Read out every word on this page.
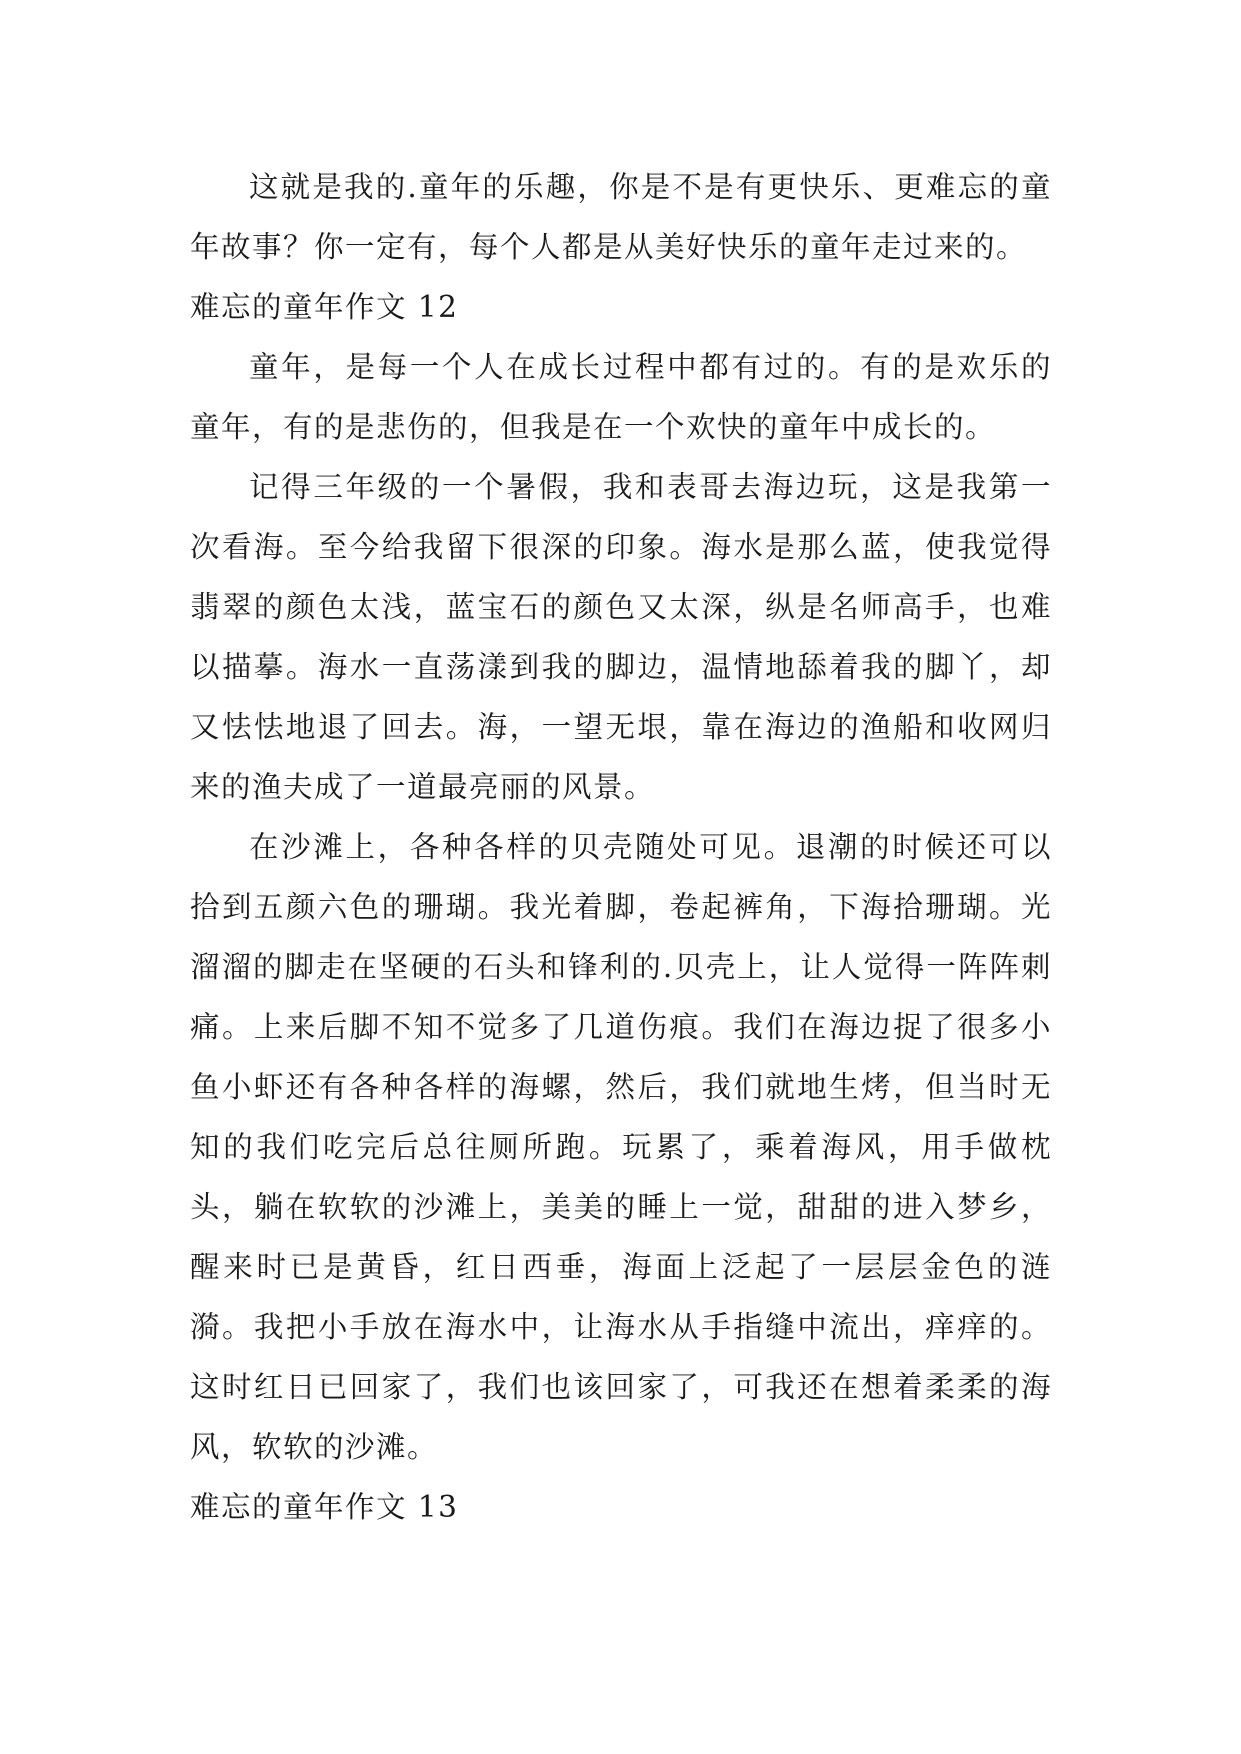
这就是我的.童年的乐趣，你是不是有更快乐、更难忘的童年故事？你一定有，每个人都是从美好快乐的童年走过来的。

难忘的童年作文 12

童年，是每一个人在成长过程中都有过的。有的是欢乐的童年，有的是悲伤的，但我是在一个欢快的童年中成长的。

记得三年级的一个暑假，我和表哥去海边玩，这是我第一次看海。至今给我留下很深的印象。海水是那么蓝，使我觉得翡翠的颜色太浅，蓝宝石的颜色又太深，纵是名师高手，也难以描摹。海水一直荡漾到我的脚边，温情地舔着我的脚丫，却又怯怯地退了回去。海，一望无垠，靠在海边的渔船和收网归来的渔夫成了一道最亮丽的风景。

在沙滩上，各种各样的贝壳随处可见。退潮的时候还可以拾到五颜六色的珊瑚。我光着脚，卷起裤角，下海拾珊瑚。光溜溜的脚走在坚硬的石头和锋利的.贝壳上，让人觉得一阵阵刺痛。上来后脚不知不觉多了几道伤痕。我们在海边捉了很多小鱼小虾还有各种各样的海螺，然后，我们就地生烤，但当时无知的我们吃完后总往厕所跑。玩累了，乘着海风，用手做枕头，躺在软软的沙滩上，美美的睡上一觉，甜甜的进入梦乡，醒来时已是黄昏，红日西垂，海面上泛起了一层层金色的涟漪。我把小手放在海水中，让海水从手指缝中流出，痒痒的。这时红日已回家了，我们也该回家了，可我还在想着柔柔的海风，软软的沙滩。

难忘的童年作文 13
